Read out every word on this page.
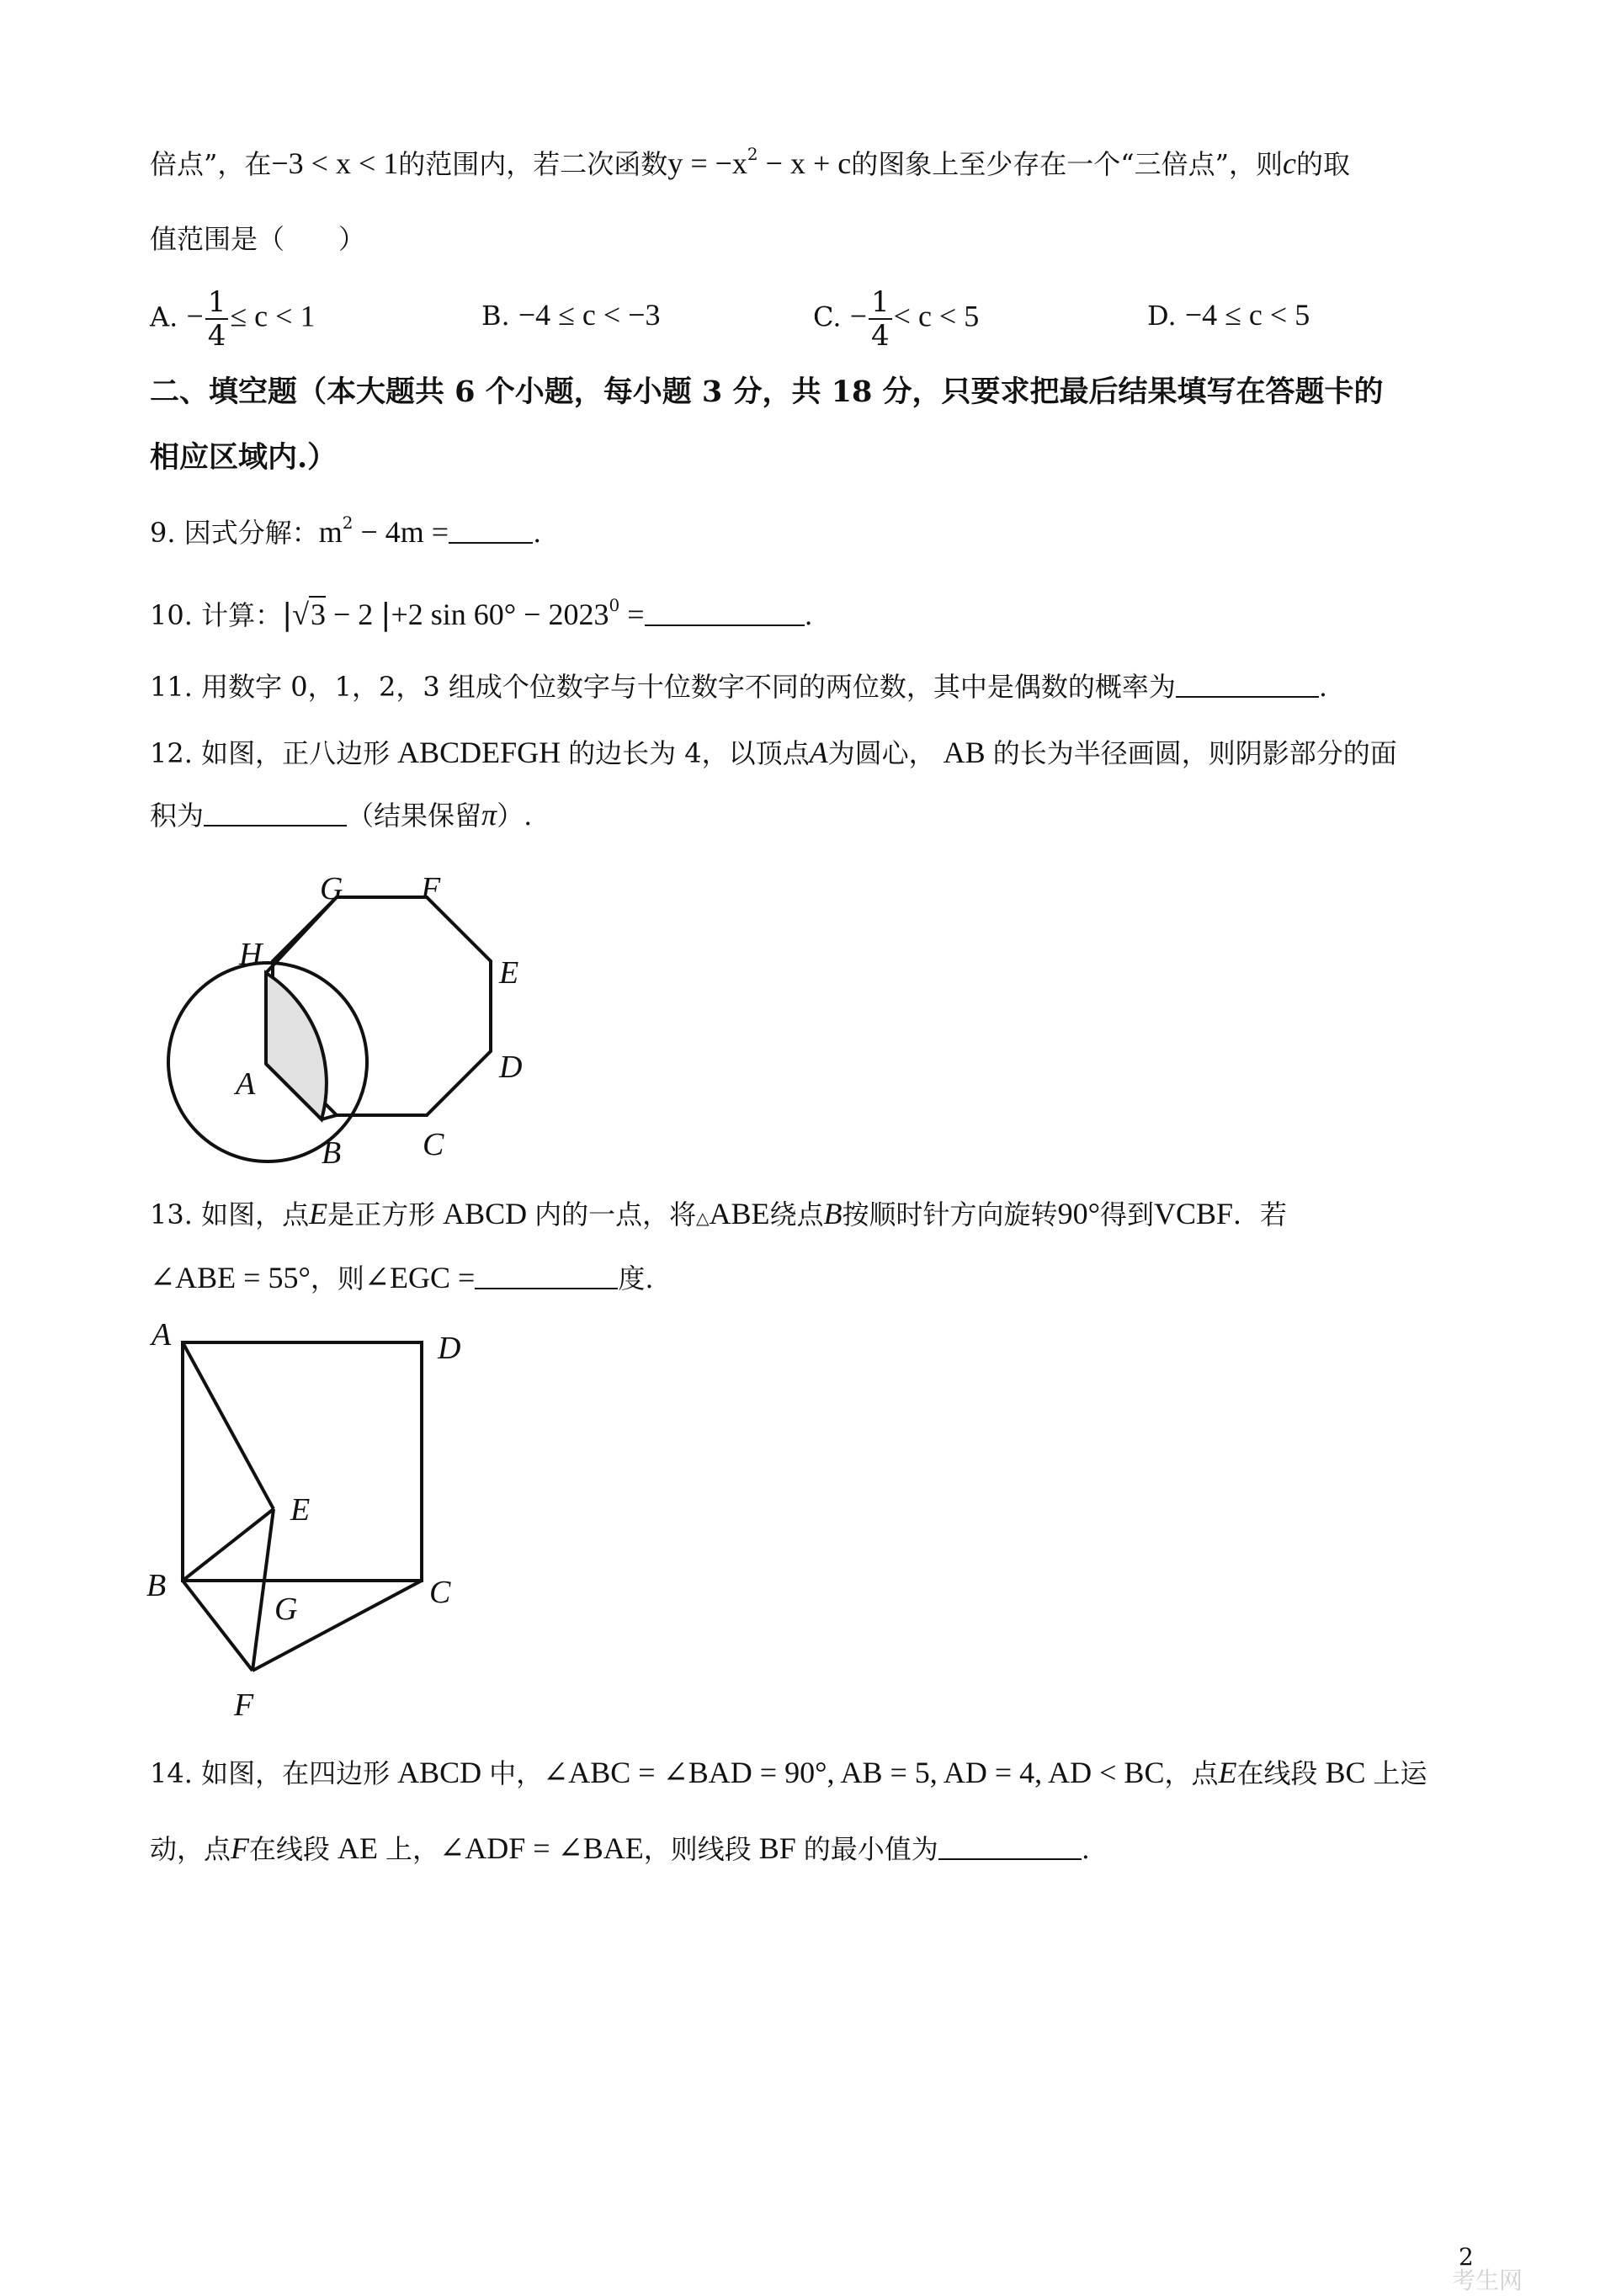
倍点”，在−3 < x < 1的范围内，若二次函数$y = -x^2 - x + c$的图象上至少存在一个“三倍点”，则c的取
值范围是（　　）
A. − $\frac{1}{4} \le c < 1$	B. −4 ≤ c < −3	C. − $\frac{1}{4} < c < 5$	D. −4 ≤ c < 5
二、填空题（本大题共 6 个小题，每小题 3 分，共 18 分，只要求把最后结果填写在答题卡的
相应区域内.）
9. 因式分解：$m^2 - 4m$ =	.
10. 计算：|√3 − 2 |+2 $\sin 60^\circ - 2023^0$ =	.
11. 用数字 0，1，2，3 组成个位数字与十位数字不同的两位数，其中是偶数的概率为	.
12. 如图，正八边形 ABCDEFGH 的边长为 4，以顶点A为圆心， AB 的长为半径画圆，则阴影部分的面
积为	（结果保留π）.
G F
H
E
D
A
B	C
13. 如图，点E是正方形 ABCD 内的一点，将△ABE绕点B按顺时针方向旋转90°得到VCBF．若
∠ABE = 55°，则∠EGC =	度.
A	D
E
B
G	C
F
14. 如图，在四边形 ABCD 中，∠ABC = ∠BAD = 90°, AB = 5, AD = 4, AD < BC，点E在线段 BC 上运
动，点F在线段 AE 上，∠ADF = ∠BAE，则线段 BF 的最小值为	.
2
考生网
